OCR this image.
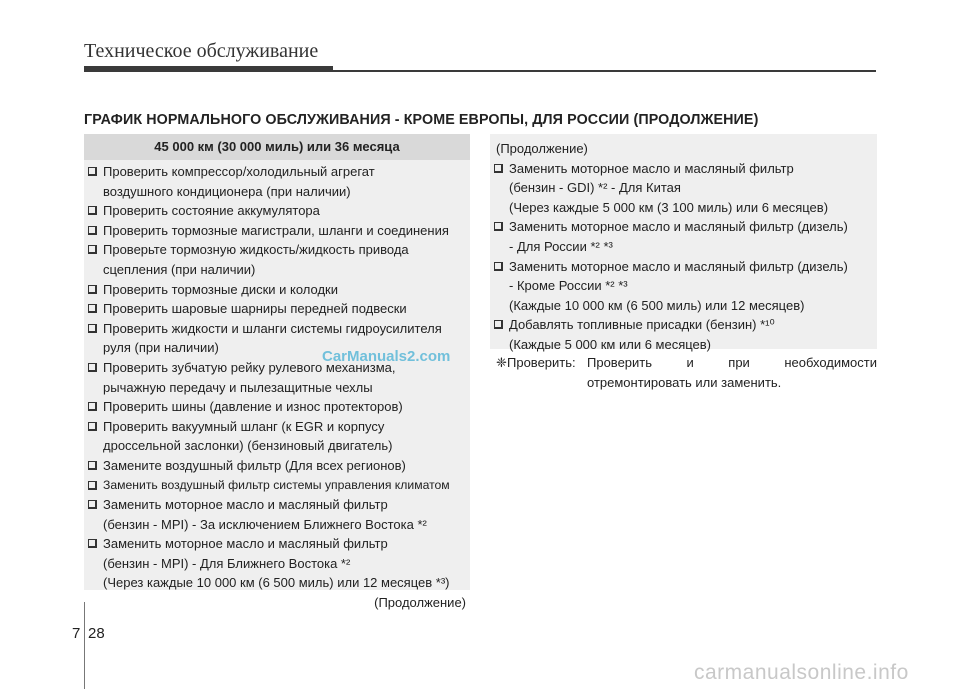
Техническое обслуживание
ГРАФИК НОРМАЛЬНОГО ОБСЛУЖИВАНИЯ - КРОМЕ ЕВРОПЫ, ДЛЯ РОССИИ (ПРОДОЛЖЕНИЕ)
45 000 км (30 000 миль) или 36 месяца
Проверить компрессор/холодильный агрегат
воздушного кондиционера (при наличии)
Проверить состояние аккумулятора
Проверить тормозные магистрали, шланги и соединения
Проверьте тормозную жидкость/жидкость привода
сцепления (при наличии)
Проверить тормозные диски и колодки
Проверить шаровые шарниры передней подвески
Проверить жидкости и шланги системы гидроусилителя
руля (при наличии)
Проверить зубчатую рейку рулевого механизма,
рычажную передачу и пылезащитные чехлы
Проверить шины (давление и износ протекторов)
Проверить вакуумный шланг (к EGR и корпусу
дроссельной заслонки) (бензиновый двигатель)
Замените воздушный фильтр (Для всех регионов)
Заменить воздушный фильтр системы управления климатом
Заменить моторное масло и масляный фильтр
(бензин - MPI) - За исключением Ближнего Востока *²
Заменить моторное масло и масляный фильтр
(бензин - MPI) - Для Ближнего Востока *²
(Через каждые 10 000 км (6 500 миль) или 12 месяцев *³)
(Продолжение)
(Продолжение)
Заменить моторное масло и масляный фильтр
(бензин - GDI) *² - Для Китая
(Через каждые 5 000 км (3 100 миль) или 6 месяцев)
Заменить моторное масло и масляный фильтр (дизель)
- Для России *² *³
Заменить моторное масло и масляный фильтр (дизель)
- Кроме России *² *³
(Каждые 10 000 км (6 500 миль) или 12 месяцев)
Добавлять топливные присадки (бензин) *¹⁰
(Каждые 5 000 км или 6 месяцев)
❈ Проверить: Проверить и при необходимости
отремонтировать или заменить.
CarManuals2.com
7 28
carmanualsonline.info
